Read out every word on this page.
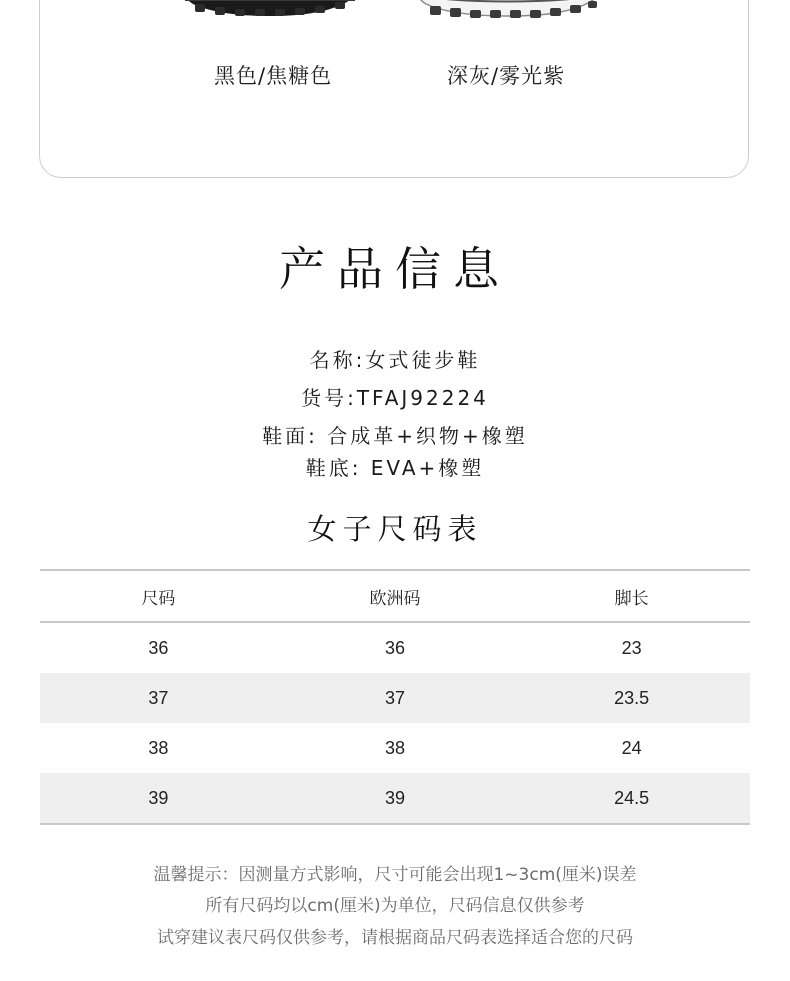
黑色/焦糖色	深灰/雾光紫
产品信息
名称:女式徒步鞋
货号:TFAJ92224
鞋面: 合成革+织物+橡塑
鞋底: EVA+橡塑
女子尺码表
尺码	欧洲码	脚长
36	36	23
37	37	23.5
38	38	24
39	39	24.5
温馨提示：因测量方式影响，尺寸可能会出现1~3cm(厘米)误差
所有尺码均以cm(厘米)为单位，尺码信息仅供参考
试穿建议表尺码仅供参考，请根据商品尺码表选择适合您的尺码
